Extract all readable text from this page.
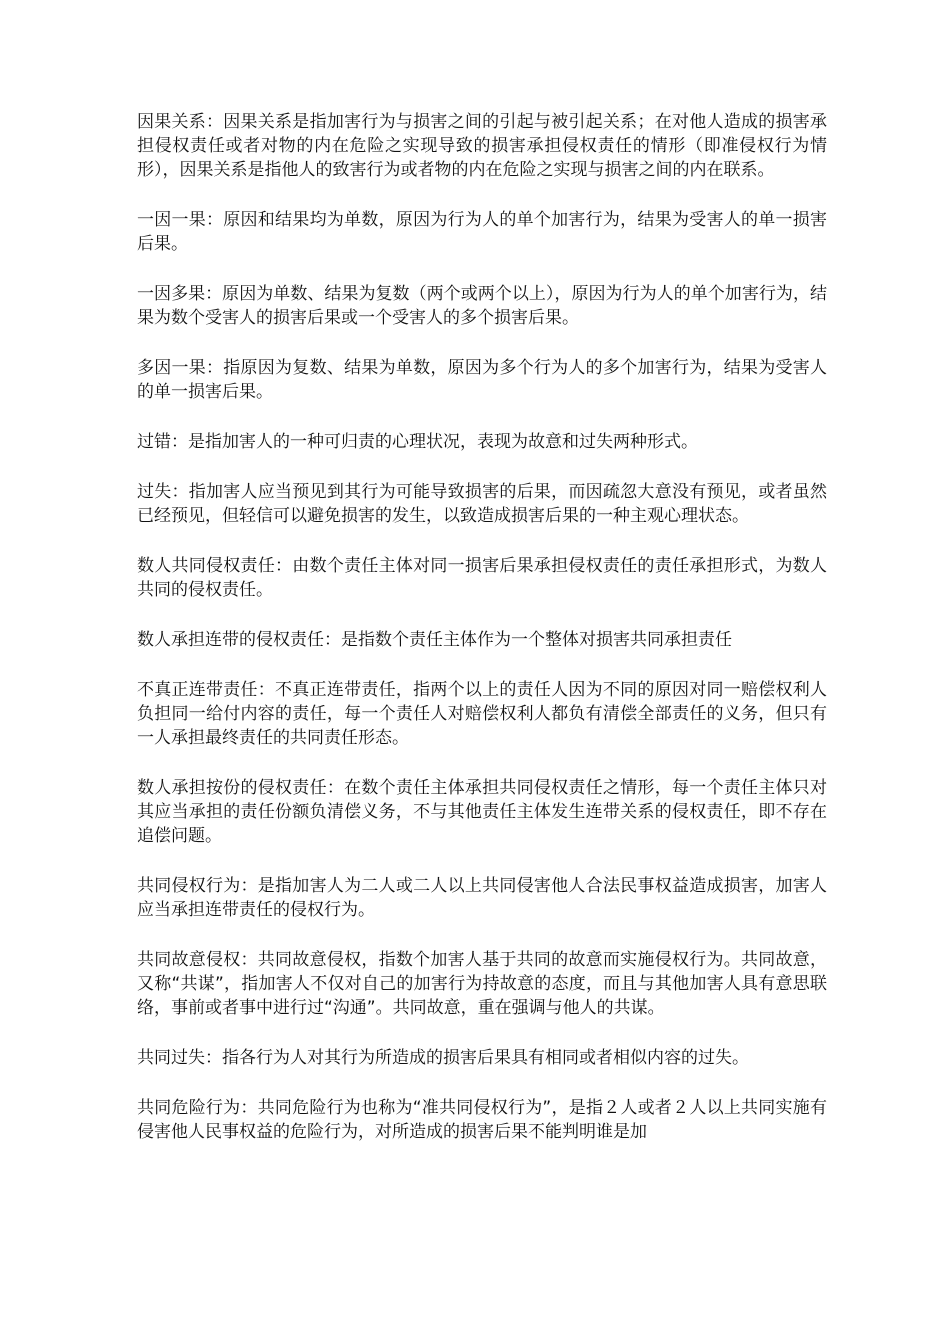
因果关系：因果关系是指加害行为与损害之间的引起与被引起关系；在对他人造成的损害承担侵权责任或者对物的内在危险之实现导致的损害承担侵权责任的情形（即准侵权行为情形），因果关系是指他人的致害行为或者物的内在危险之实现与损害之间的内在联系。

一因一果：原因和结果均为单数，原因为行为人的单个加害行为，结果为受害人的单一损害后果。

一因多果：原因为单数、结果为复数（两个或两个以上），原因为行为人的单个加害行为，结果为数个受害人的损害后果或一个受害人的多个损害后果。

多因一果：指原因为复数、结果为单数，原因为多个行为人的多个加害行为，结果为受害人的单一损害后果。

过错：是指加害人的一种可归责的心理状况，表现为故意和过失两种形式。

过失：指加害人应当预见到其行为可能导致损害的后果，而因疏忽大意没有预见，或者虽然已经预见，但轻信可以避免损害的发生，以致造成损害后果的一种主观心理状态。

数人共同侵权责任：由数个责任主体对同一损害后果承担侵权责任的责任承担形式，为数人共同的侵权责任。

数人承担连带的侵权责任：是指数个责任主体作为一个整体对损害共同承担责任

不真正连带责任：不真正连带责任，指两个以上的责任人因为不同的原因对同一赔偿权利人负担同一给付内容的责任，每一个责任人对赔偿权利人都负有清偿全部责任的义务，但只有一人承担最终责任的共同责任形态。

数人承担按份的侵权责任：在数个责任主体承担共同侵权责任之情形，每一个责任主体只对其应当承担的责任份额负清偿义务，不与其他责任主体发生连带关系的侵权责任，即不存在追偿问题。

共同侵权行为：是指加害人为二人或二人以上共同侵害他人合法民事权益造成损害，加害人应当承担连带责任的侵权行为。

共同故意侵权：共同故意侵权，指数个加害人基于共同的故意而实施侵权行为。共同故意，又称“共谋”，指加害人不仅对自己的加害行为持故意的态度，而且与其他加害人具有意思联络，事前或者事中进行过“沟通”。共同故意，重在强调与他人的共谋。

共同过失：指各行为人对其行为所造成的损害后果具有相同或者相似内容的过失。

共同危险行为：共同危险行为也称为“准共同侵权行为”，是指２人或者２人以上共同实施有侵害他人民事权益的危险行为，对所造成的损害后果不能判明谁是加
